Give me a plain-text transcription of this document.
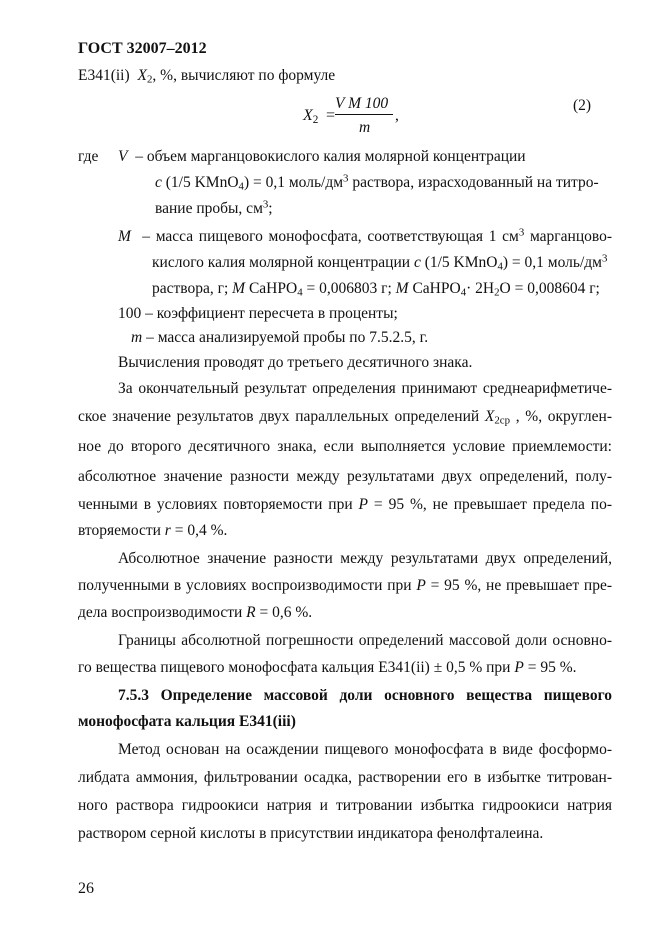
ГОСТ 32007–2012
E341(ii) $X_2$, %, вычисляют по формуле
$X_2$ =
V M 100
m
,
(2)
где V – объем марганцовокислого калия молярной концентрации
c (1/5 KMnO$_4$) = 0,1 моль/$дм^3$ раствора, израсходованный на титро-
вание пробы, $см^3$;
M – масса пищевого монофосфата, соответствующая 1 $см^3$ марганцово-
кислого калия молярной концентрации c (1/5 KMnO$_4$) = 0,1 моль/$дм^3$
раствора, г; M CaHPO$_4$ = 0,006803 г; M CaHPO$_4$· $2H_2O = 0,008604$ г;
100 – коэффициент пересчета в проценты;
m – масса анализируемой пробы по 7.5.2.5, г.
Вычисления проводят до третьего десятичного знака.
За окончательный результат определения принимают среднеарифметиче-
ское значение результатов двух параллельных определений $X_{2ср}$ , %, округлен-
ное до второго десятичного знака, если выполняется условие приемлемости:
абсолютное значение разности между результатами двух определений, полу-
ченными в условиях повторяемости при P = 95 %, не превышает предела по-
вторяемости r = 0,4 %.
Абсолютное значение разности между результатами двух определений,
полученными в условиях воспроизводимости при P = 95 %, не превышает пре-
дела воспроизводимости R = 0,6 %.
Границы абсолютной погрешности определений массовой доли основно-
го вещества пищевого монофосфата кальция E341(ii) ± 0,5 % при P = 95 %.
7.5.3 Определение массовой доли основного вещества пищевого
монофосфата кальция E341(iii)
Метод основан на осаждении пищевого монофосфата в виде фосформо-
либдата аммония, фильтровании осадка, растворении его в избытке титрован-
ного раствора гидроокиси натрия и титровании избытка гидроокиси натрия
раствором серной кислоты в присутствии индикатора фенолфталеина.
26
